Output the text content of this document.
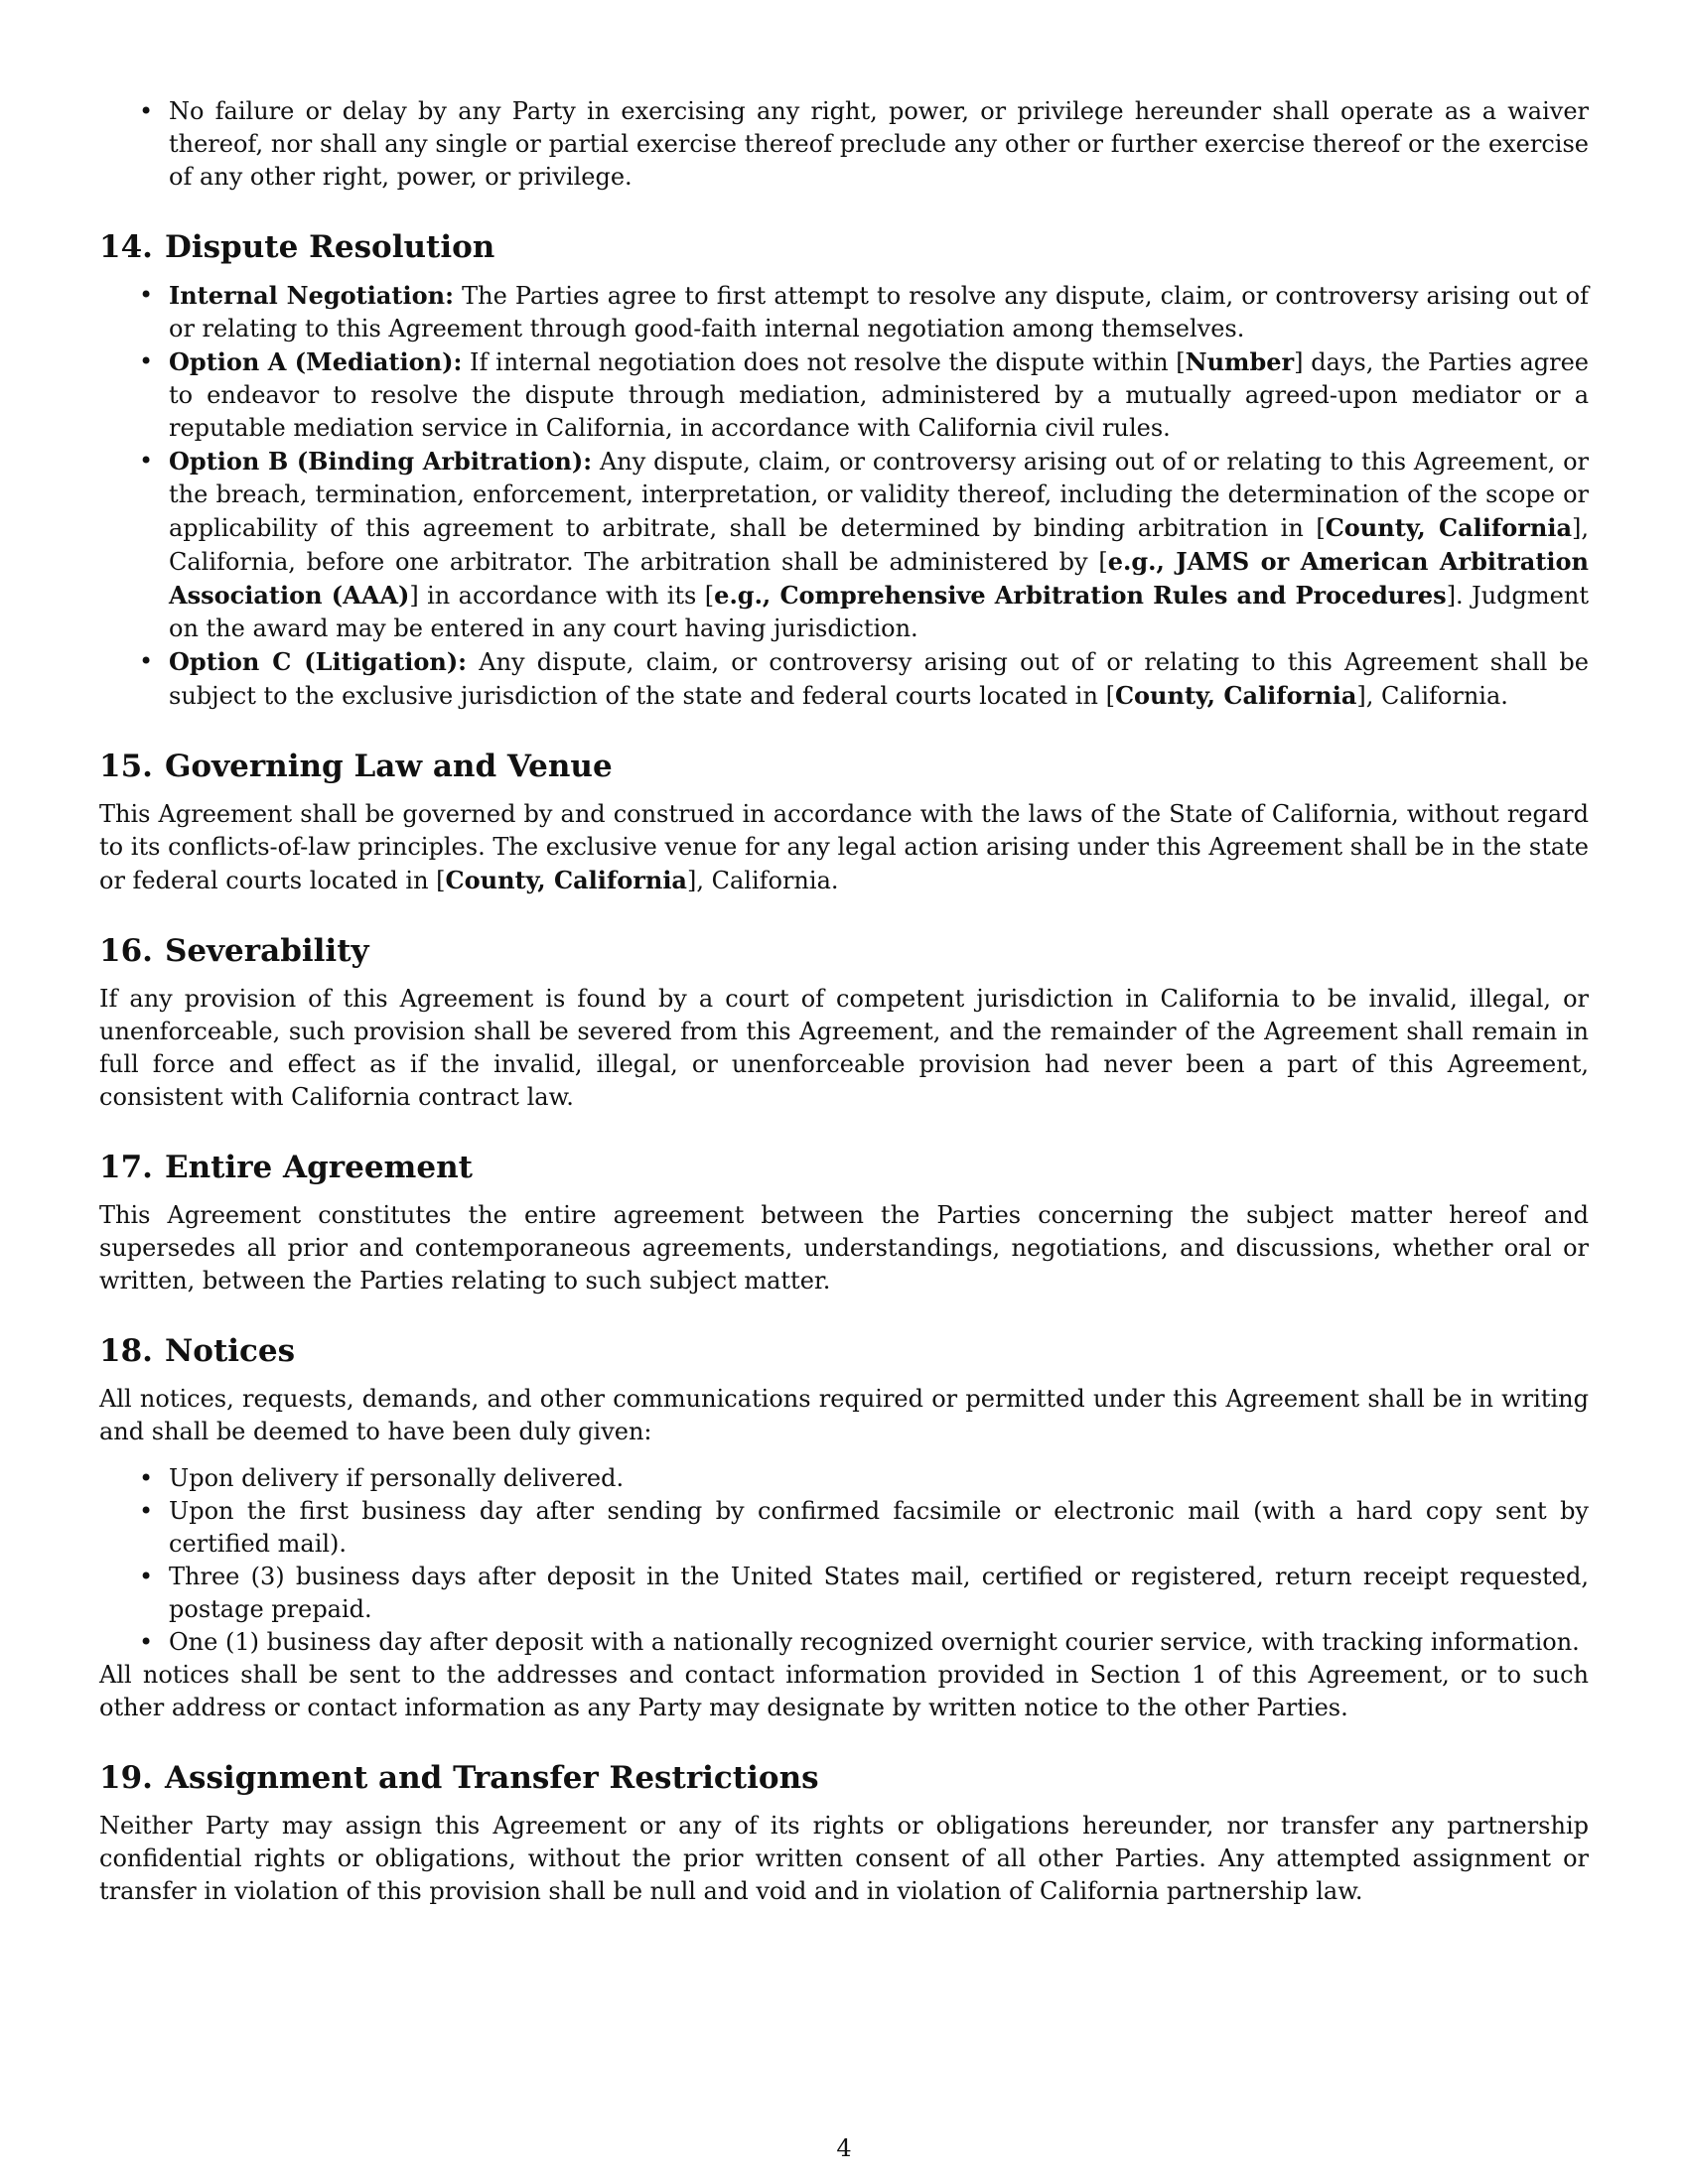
• No failure or delay by any Party in exercising any right, power, or privilege hereunder shall operate as a waiver thereof, nor shall any single or partial exercise thereof preclude any other or further exercise thereof or the exercise of any other right, power, or privilege.
14. Dispute Resolution
• Internal Negotiation: The Parties agree to first attempt to resolve any dispute, claim, or controversy arising out of or relating to this Agreement through good-faith internal negotiation among themselves.
• Option A (Mediation): If internal negotiation does not resolve the dispute within [Number] days, the Parties agree to endeavor to resolve the dispute through mediation, administered by a mutually agreed-upon mediator or a reputable mediation service in California, in accordance with California civil rules.
• Option B (Binding Arbitration): Any dispute, claim, or controversy arising out of or relating to this Agreement, or the breach, termination, enforcement, interpretation, or validity thereof, including the determination of the scope or applicability of this agreement to arbitrate, shall be determined by binding arbitration in [County, California], California, before one arbitrator. The arbitration shall be administered by [e.g., JAMS or American Arbitration Association (AAA)] in accordance with its [e.g., Comprehensive Arbitration Rules and Procedures]. Judgment on the award may be entered in any court having jurisdiction.
• Option C (Litigation): Any dispute, claim, or controversy arising out of or relating to this Agreement shall be subject to the exclusive jurisdiction of the state and federal courts located in [County, California], California.
15. Governing Law and Venue

This Agreement shall be governed by and construed in accordance with the laws of the State of California, without regard to its conflicts-of-law principles. The exclusive venue for any legal action arising under this Agreement shall be in the state or federal courts located in [County, California], California.

16. Severability

If any provision of this Agreement is found by a court of competent jurisdiction in California to be invalid, illegal, or unenforceable, such provision shall be severed from this Agreement, and the remainder of the Agreement shall remain in full force and effect as if the invalid, illegal, or unenforceable provision had never been a part of this Agreement, consistent with California contract law.

17. Entire Agreement

This Agreement constitutes the entire agreement between the Parties concerning the subject matter hereof and supersedes all prior and contemporaneous agreements, understandings, negotiations, and discussions, whether oral or written, between the Parties relating to such subject matter.

18. Notices

All notices, requests, demands, and other communications required or permitted under this Agreement shall be in writing and shall be deemed to have been duly given:

• Upon delivery if personally delivered.
• Upon the first business day after sending by confirmed facsimile or electronic mail (with a hard copy sent by certified mail).
• Three (3) business days after deposit in the United States mail, certified or registered, return receipt requested, postage prepaid.
• One (1) business day after deposit with a nationally recognized overnight courier service, with tracking information.

All notices shall be sent to the addresses and contact information provided in Section 1 of this Agreement, or to such other address or contact information as any Party may designate by written notice to the other Parties.

19. Assignment and Transfer Restrictions

Neither Party may assign this Agreement or any of its rights or obligations hereunder, nor transfer any partnership confidential rights or obligations, without the prior written consent of all other Parties. Any attempted assignment or transfer in violation of this provision shall be null and void and in violation of California partnership law.

4
